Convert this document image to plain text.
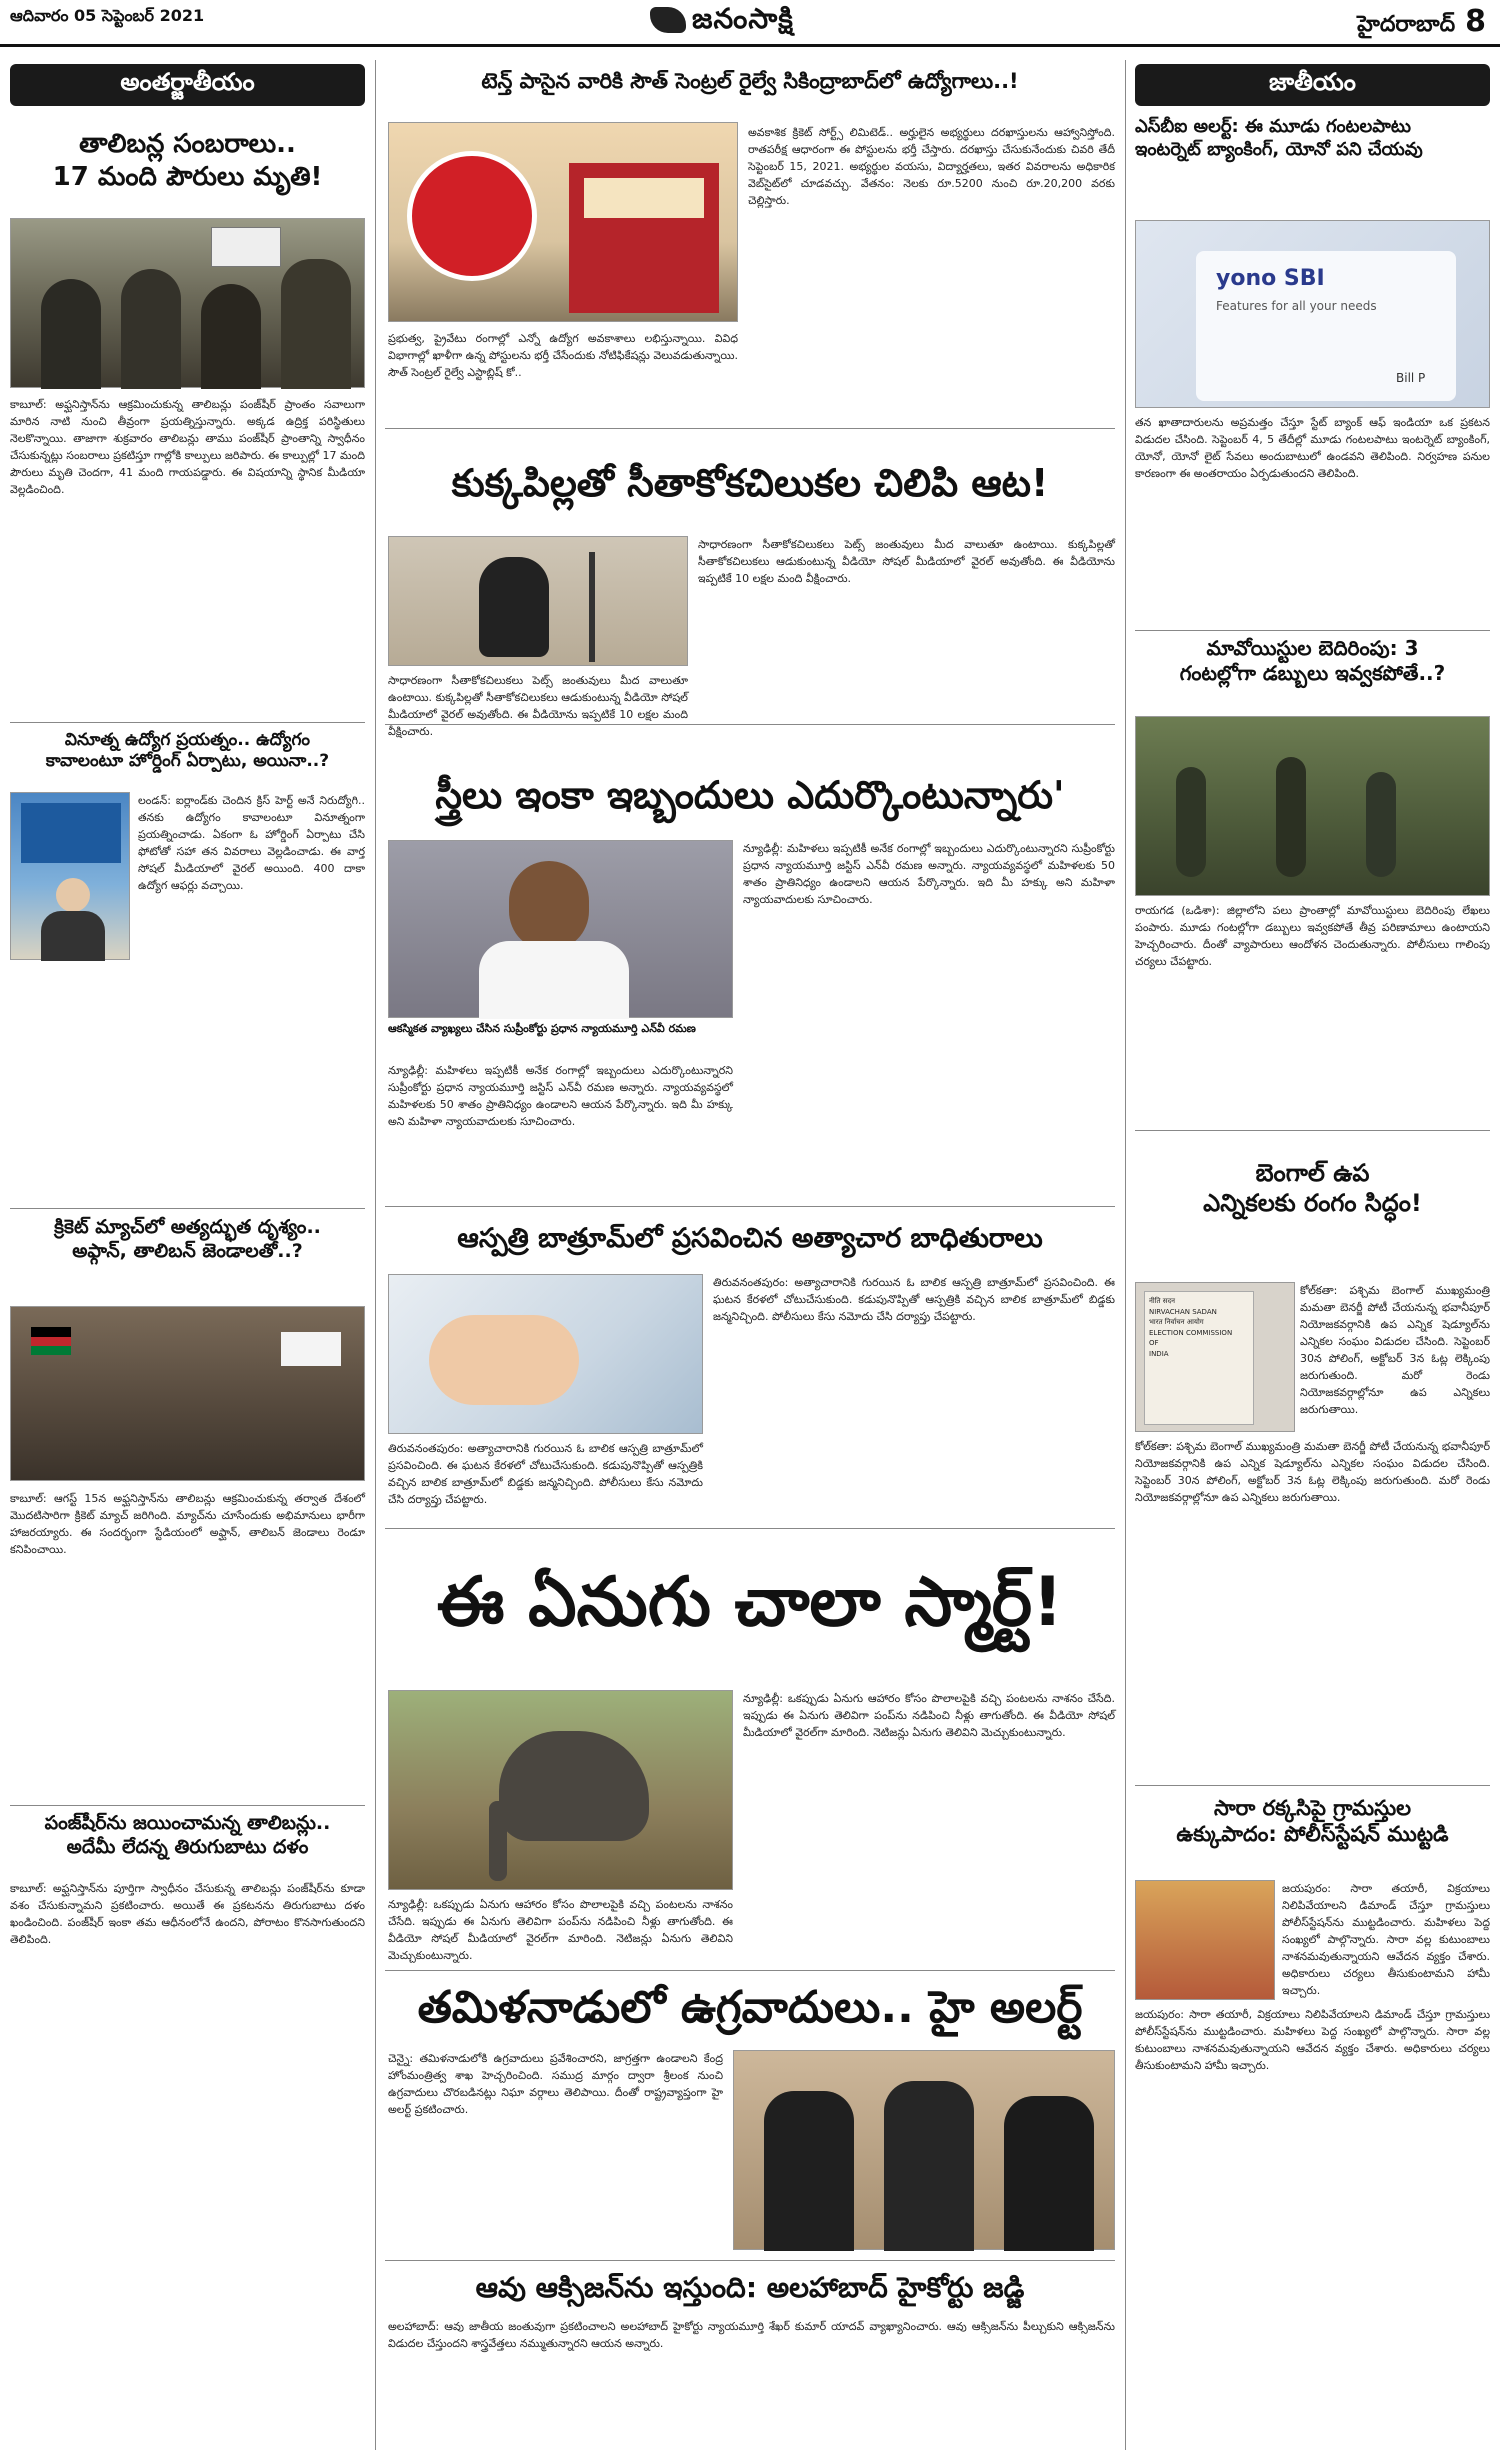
ఆదివారం 05 సెప్టెంబర్ 2021	జనంసాక్షి	హైదరాబాద్ 8
అంతర్జాతీయం
తాలిబన్ల సంబరాలు..
17 మంది పౌరులు మృతి!
కాబూల్‌: అఫ్ఘనిస్తాన్‌ను ఆక్రమించుకున్న తాలిబన్లు పంజ్‌షీర్‌ ప్రాంతం సవాలుగా మారిన నాటి నుంచి తీవ్రంగా ప్రయత్నిస్తున్నారు. అక్కడ ఉద్రిక్త పరిస్థితులు నెలకొన్నాయి. తాజాగా శుక్రవారం తాలిబన్లు తాము పంజ్‌షీర్‌ ప్రాంతాన్ని స్వాధీనం చేసుకున్నట్లు సంబరాలు ప్రకటిస్తూ గాల్లోకి కాల్పులు జరిపారు. ఈ కాల్పుల్లో 17 మంది పౌరులు మృతి చెందగా, 41 మంది గాయపడ్డారు. ఈ విషయాన్ని స్థానిక మీడియా వెల్లడించింది.
వినూత్న ఉద్యోగ ప్రయత్నం.. ఉద్యోగం
కావాలంటూ హోర్డింగ్‌ ఏర్పాటు, అయినా..?
లండన్‌: ఐర్లాండ్‌కు చెందిన క్రిస్‌ హెర్ట్‌ అనే నిరుద్యోగి.. తనకు ఉద్యోగం కావాలంటూ వినూత్నంగా ప్రయత్నించాడు. ఏకంగా ఓ హోర్డింగ్‌ ఏర్పాటు చేసి ఫోటోతో సహా తన వివరాలు వెల్లడించాడు. ఈ వార్త సోషల్‌ మీడియాలో వైరల్‌ అయింది. 400 దాకా ఉద్యోగ ఆఫర్లు వచ్చాయి.
క్రికెట్‌ మ్యాచ్‌లో అత్యద్భుత దృశ్యం..
అఫ్గాన్‌, తాలిబన్‌ జెండాలతో..?
కాబూల్‌: ఆగస్ట్‌ 15న అఫ్ఘనిస్తాన్‌ను తాలిబన్లు ఆక్రమించుకున్న తర్వాత దేశంలో మొదటిసారిగా క్రికెట్‌ మ్యాచ్‌ జరిగింది. మ్యాచ్‌ను చూసేందుకు అభిమానులు భారీగా హాజరయ్యారు. ఈ సందర్భంగా స్టేడియంలో అఫ్ఘాన్‌, తాలిబన్‌ జెండాలు రెండూ కనిపించాయి.
పంజ్‌షీర్‌ను జయించామన్న తాలిబన్లు..
అదేమీ లేదన్న తిరుగుబాటు దళం
కాబూల్‌: అఫ్ఘనిస్తాన్‌ను పూర్తిగా స్వాధీనం చేసుకున్న తాలిబన్లు పంజ్‌షీర్‌ను కూడా వశం చేసుకున్నామని ప్రకటించారు. అయితే ఈ ప్రకటనను తిరుగుబాటు దళం ఖండించింది. పంజ్‌షీర్‌ ఇంకా తమ ఆధీనంలోనే ఉందని, పోరాటం కొనసాగుతుందని తెలిపింది.
టెన్త్‌ పాసైన వారికి సౌత్‌ సెంట్రల్‌ రైల్వే సికింద్రాబాద్‌లో ఉద్యోగాలు..!
ప్రభుత్వ, ప్రైవేటు రంగాల్లో ఎన్నో ఉద్యోగ అవకాశాలు లభిస్తున్నాయి. వివిధ విభాగాల్లో ఖాళీగా ఉన్న పోస్టులను భర్తీ చేసేందుకు నోటిఫికేషన్లు వెలువడుతున్నాయి. సౌత్‌ సెంట్రల్‌ రైల్వే ఎస్టాబ్లిష్‌ కో..
అవకాశిక క్రికెట్‌ సోర్ట్స్‌ లిమిటెడ్‌.. అర్హులైన అభ్యర్థులు దరఖాస్తులను ఆహ్వానిస్తోంది. రాతపరీక్ష ఆధారంగా ఈ పోస్టులను భర్తీ చేస్తారు. దరఖాస్తు చేసుకునేందుకు చివరి తేదీ సెప్టెంబర్‌ 15, 2021. అభ్యర్థుల వయసు, విద్యార్హతలు, ఇతర వివరాలను అధికారిక వెబ్‌సైట్‌లో చూడవచ్చు. వేతనం: నెలకు రూ.5200 నుంచి రూ.20,200 వరకు చెల్లిస్తారు.
కుక్కపిల్లతో సీతాకోకచిలుకల చిలిపి ఆట!
సాధారణంగా సీతాకోకచిలుకలు పెట్స్‌ జంతువులు మీద వాలుతూ ఉంటాయి. కుక్కపిల్లతో సీతాకోకచిలుకలు ఆడుకుంటున్న వీడియో సోషల్‌ మీడియాలో వైరల్‌ అవుతోంది. ఈ వీడియోను ఇప్పటికే 10 లక్షల మంది వీక్షించారు.
సాధారణంగా సీతాకోకచిలుకలు పెట్స్‌ జంతువులు మీద వాలుతూ ఉంటాయి. కుక్కపిల్లతో సీతాకోకచిలుకలు ఆడుకుంటున్న వీడియో సోషల్‌ మీడియాలో వైరల్‌ అవుతోంది. ఈ వీడియోను ఇప్పటికే 10 లక్షల మంది వీక్షించారు.
స్త్రీలు ఇంకా ఇబ్బందులు ఎదుర్కొంటున్నారు'
ఆకస్మికత వ్యాఖ్యలు చేసిన సుప్రీంకోర్టు ప్రధాన న్యాయమూర్తి ఎన్‌వీ రమణ
న్యూఢిల్లీ: మహిళలు ఇప్పటికీ అనేక రంగాల్లో ఇబ్బందులు ఎదుర్కొంటున్నారని సుప్రీంకోర్టు ప్రధాన న్యాయమూర్తి జస్టిస్‌ ఎన్‌వీ రమణ అన్నారు. న్యాయవ్యవస్థలో మహిళలకు 50 శాతం ప్రాతినిధ్యం ఉండాలని ఆయన పేర్కొన్నారు. ఇది మీ హక్కు అని మహిళా న్యాయవాదులకు సూచించారు.
న్యూఢిల్లీ: మహిళలు ఇప్పటికీ అనేక రంగాల్లో ఇబ్బందులు ఎదుర్కొంటున్నారని సుప్రీంకోర్టు ప్రధాన న్యాయమూర్తి జస్టిస్‌ ఎన్‌వీ రమణ అన్నారు. న్యాయవ్యవస్థలో మహిళలకు 50 శాతం ప్రాతినిధ్యం ఉండాలని ఆయన పేర్కొన్నారు. ఇది మీ హక్కు అని మహిళా న్యాయవాదులకు సూచించారు.
ఆస్పత్రి బాత్రూమ్‌లో ప్రసవించిన అత్యాచార బాధితురాలు
తిరువనంతపురం: అత్యాచారానికి గురయిన ఓ బాలిక ఆస్పత్రి బాత్రూమ్‌లో ప్రసవించింది. ఈ ఘటన కేరళలో చోటుచేసుకుంది. కడుపునొప్పితో ఆస్పత్రికి వచ్చిన బాలిక బాత్రూమ్‌లో బిడ్డకు జన్మనిచ్చింది. పోలీసులు కేసు నమోదు చేసి దర్యాప్తు చేపట్టారు.
తిరువనంతపురం: అత్యాచారానికి గురయిన ఓ బాలిక ఆస్పత్రి బాత్రూమ్‌లో ప్రసవించింది. ఈ ఘటన కేరళలో చోటుచేసుకుంది. కడుపునొప్పితో ఆస్పత్రికి వచ్చిన బాలిక బాత్రూమ్‌లో బిడ్డకు జన్మనిచ్చింది. పోలీసులు కేసు నమోదు చేసి దర్యాప్తు చేపట్టారు.
ఈ ఏనుగు చాలా స్మార్ట్‌!
న్యూఢిల్లీ: ఒకప్పుడు ఏనుగు ఆహారం కోసం పొలాలపైకి వచ్చి పంటలను నాశనం చేసేది. ఇప్పుడు ఈ ఏనుగు తెలివిగా పంప్‌ను నడిపించి నీళ్లు తాగుతోంది. ఈ వీడియో సోషల్‌ మీడియాలో వైరల్‌గా మారింది. నెటిజన్లు ఏనుగు తెలివిని మెచ్చుకుంటున్నారు.
న్యూఢిల్లీ: ఒకప్పుడు ఏనుగు ఆహారం కోసం పొలాలపైకి వచ్చి పంటలను నాశనం చేసేది. ఇప్పుడు ఈ ఏనుగు తెలివిగా పంప్‌ను నడిపించి నీళ్లు తాగుతోంది. ఈ వీడియో సోషల్‌ మీడియాలో వైరల్‌గా మారింది. నెటిజన్లు ఏనుగు తెలివిని మెచ్చుకుంటున్నారు.
తమిళనాడులో ఉగ్రవాదులు.. హై అలర్ట్‌
చెన్నై: తమిళనాడులోకి ఉగ్రవాదులు ప్రవేశించారని, జాగ్రత్తగా ఉండాలని కేంద్ర హోంమంత్రిత్వ శాఖ హెచ్చరించింది. సముద్ర మార్గం ద్వారా శ్రీలంక నుంచి ఉగ్రవాదులు చొరబడినట్లు నిఘా వర్గాలు తెలిపాయి. దీంతో రాష్ట్రవ్యాప్తంగా హై అలర్ట్‌ ప్రకటించారు.
ఆవు ఆక్సిజన్‌ను ఇస్తుంది: అలహాబాద్‌ హైకోర్టు జడ్జి
అలహాబాద్‌: ఆవు జాతీయ జంతువుగా ప్రకటించాలని అలహాబాద్‌ హైకోర్టు న్యాయమూర్తి శేఖర్‌ కుమార్‌ యాదవ్‌ వ్యాఖ్యానించారు. ఆవు ఆక్సిజన్‌ను పీల్చుకుని ఆక్సిజన్‌ను విడుదల చేస్తుందని శాస్త్రవేత్తలు నమ్ముతున్నారని ఆయన అన్నారు.
జాతీయం
ఎస్‌బీఐ అలర్ట్‌: ఈ మూడు గంటలపాటు
ఇంటర్నెట్‌ బ్యాంకింగ్‌, యోనో పని చేయవు
yono SBI
Features for all your needs
Bill P
తన ఖాతాదారులను అప్రమత్తం చేస్తూ స్టేట్‌ బ్యాంక్‌ ఆఫ్‌ ఇండియా ఒక ప్రకటన విడుదల చేసింది. సెప్టెంబర్‌ 4, 5 తేదీల్లో మూడు గంటలపాటు ఇంటర్నెట్‌ బ్యాంకింగ్‌, యోనో, యోనో లైట్‌ సేవలు అందుబాటులో ఉండవని తెలిపింది. నిర్వహణ పనుల కారణంగా ఈ అంతరాయం ఏర్పడుతుందని తెలిపింది.
మావోయిస్టుల బెదిరింపు: 3
గంటల్లోగా డబ్బులు ఇవ్వకపోతే..?
రాయగడ (ఒడిశా): జిల్లాలోని పలు ప్రాంతాల్లో మావోయిస్టులు బెదిరింపు లేఖలు పంపారు. మూడు గంటల్లోగా డబ్బులు ఇవ్వకపోతే తీవ్ర పరిణామాలు ఉంటాయని హెచ్చరించారు. దీంతో వ్యాపారులు ఆందోళన చెందుతున్నారు. పోలీసులు గాలింపు చర్యలు చేపట్టారు.
బెంగాల్‌ ఉప
ఎన్నికలకు రంగం సిద్ధం!
नीति सदन
NIRVACHAN SADAN
भारत निर्वाचन आयोग
ELECTION COMMISSION
OF
INDIA
కోల్‌కతా: పశ్చిమ బెంగాల్‌ ముఖ్యమంత్రి మమతా బెనర్జీ పోటీ చేయనున్న భవానీపూర్‌ నియోజకవర్గానికి ఉప ఎన్నిక షెడ్యూల్‌ను ఎన్నికల సంఘం విడుదల చేసింది. సెప్టెంబర్‌ 30న పోలింగ్‌, అక్టోబర్‌ 3న ఓట్ల లెక్కింపు జరుగుతుంది. మరో రెండు నియోజకవర్గాల్లోనూ ఉప ఎన్నికలు జరుగుతాయి.
కోల్‌కతా: పశ్చిమ బెంగాల్‌ ముఖ్యమంత్రి మమతా బెనర్జీ పోటీ చేయనున్న భవానీపూర్‌ నియోజకవర్గానికి ఉప ఎన్నిక షెడ్యూల్‌ను ఎన్నికల సంఘం విడుదల చేసింది. సెప్టెంబర్‌ 30న పోలింగ్‌, అక్టోబర్‌ 3న ఓట్ల లెక్కింపు జరుగుతుంది. మరో రెండు నియోజకవర్గాల్లోనూ ఉప ఎన్నికలు జరుగుతాయి.
సారా రక్కసిపై గ్రామస్తుల
ఉక్కుపాదం: పోలీస్‌స్టేషన్‌ ముట్టడి
జయపురం: సారా తయారీ, విక్రయాలు నిలిపివేయాలని డిమాండ్‌ చేస్తూ గ్రామస్తులు పోలీస్‌స్టేషన్‌ను ముట్టడించారు. మహిళలు పెద్ద సంఖ్యలో పాల్గొన్నారు. సారా వల్ల కుటుంబాలు నాశనమవుతున్నాయని ఆవేదన వ్యక్తం చేశారు. అధికారులు చర్యలు తీసుకుంటామని హామీ ఇచ్చారు.
జయపురం: సారా తయారీ, విక్రయాలు నిలిపివేయాలని డిమాండ్‌ చేస్తూ గ్రామస్తులు పోలీస్‌స్టేషన్‌ను ముట్టడించారు. మహిళలు పెద్ద సంఖ్యలో పాల్గొన్నారు. సారా వల్ల కుటుంబాలు నాశనమవుతున్నాయని ఆవేదన వ్యక్తం చేశారు. అధికారులు చర్యలు తీసుకుంటామని హామీ ఇచ్చారు.
